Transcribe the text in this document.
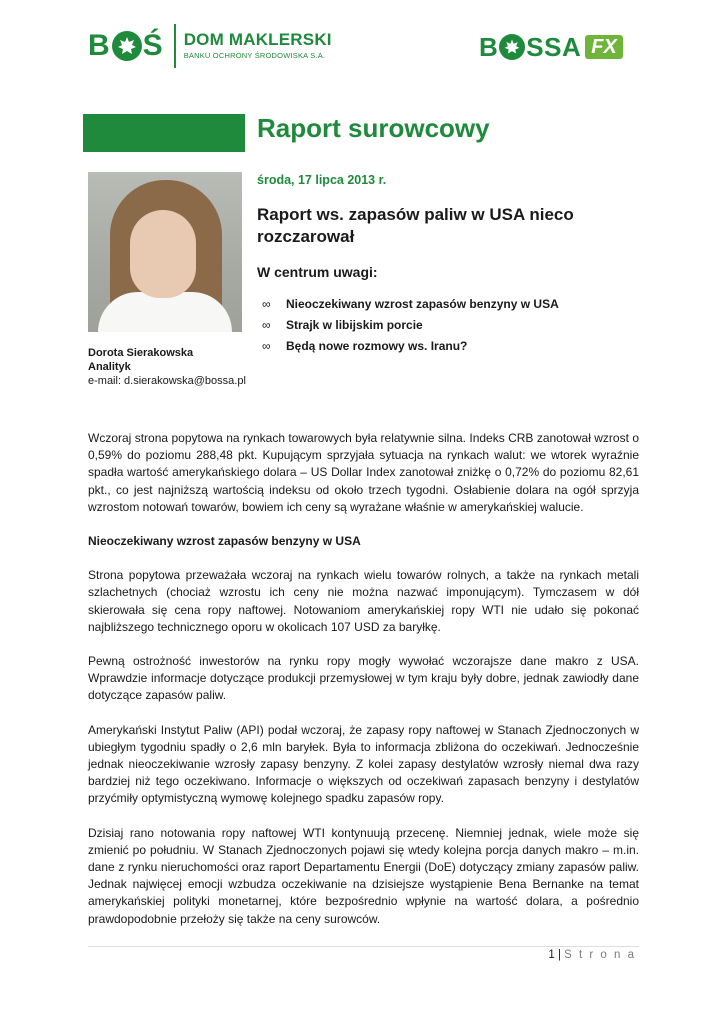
B Ś DOM MAKLERSKI
BANKU OCHRONY ŚRODOWISKA S.A.	B SSA FX
Raport surowcowy
Dorota Sierakowska
Analityk
e-mail: d.sierakowska@bossa.pl
środa, 17 lipca 2013 r.
Raport ws. zapasów paliw w USA nieco rozczarował
W centrum uwagi:
∞	Nieoczekiwany wzrost zapasów benzyny w USA
∞	Strajk w libijskim porcie
∞	Będą nowe rozmowy ws. Iranu?

Wczoraj strona popytowa na rynkach towarowych była relatywnie silna. Indeks CRB zanotował wzrost o 0,59% do poziomu 288,48 pkt. Kupującym sprzyjała sytuacja na rynkach walut: we wtorek wyraźnie spadła wartość amerykańskiego dolara – US Dollar Index zanotował zniżkę o 0,72% do poziomu 82,61 pkt., co jest najniższą wartością indeksu od około trzech tygodni. Osłabienie dolara na ogół sprzyja wzrostom notowań towarów, bowiem ich ceny są wyrażane właśnie w amerykańskiej walucie.

Nieoczekiwany wzrost zapasów benzyny w USA

Strona popytowa przeważała wczoraj na rynkach wielu towarów rolnych, a także na rynkach metali szlachetnych (chociaż wzrostu ich ceny nie można nazwać imponującym). Tymczasem w dół skierowała się cena ropy naftowej. Notowaniom amerykańskiej ropy WTI nie udało się pokonać najbliższego technicznego oporu w okolicach 107 USD za baryłkę.

Pewną ostrożność inwestorów na rynku ropy mogły wywołać wczorajsze dane makro z USA. Wprawdzie informacje dotyczące produkcji przemysłowej w tym kraju były dobre, jednak zawiodły dane dotyczące zapasów paliw.

Amerykański Instytut Paliw (API) podał wczoraj, że zapasy ropy naftowej w Stanach Zjednoczonych w ubiegłym tygodniu spadły o 2,6 mln baryłek. Była to informacja zbliżona do oczekiwań. Jednocześnie jednak nieoczekiwanie wzrosły zapasy benzyny. Z kolei zapasy destylatów wzrosły niemal dwa razy bardziej niż tego oczekiwano. Informacje o większych od oczekiwań zapasach benzyny i destylatów przyćmiły optymistyczną wymowę kolejnego spadku zapasów ropy.

Dzisiaj rano notowania ropy naftowej WTI kontynuują przecenę. Niemniej jednak, wiele może się zmienić po południu. W Stanach Zjednoczonych pojawi się wtedy kolejna porcja danych makro – m.in. dane z rynku nieruchomości oraz raport Departamentu Energii (DoE) dotyczący zmiany zapasów paliw. Jednak najwięcej emocji wzbudza oczekiwanie na dzisiejsze wystąpienie Bena Bernanke na temat amerykańskiej polityki monetarnej, które bezpośrednio wpłynie na wartość dolara, a pośrednio prawdopodobnie przełoży się także na ceny surowców.

1 | S t r o n a
